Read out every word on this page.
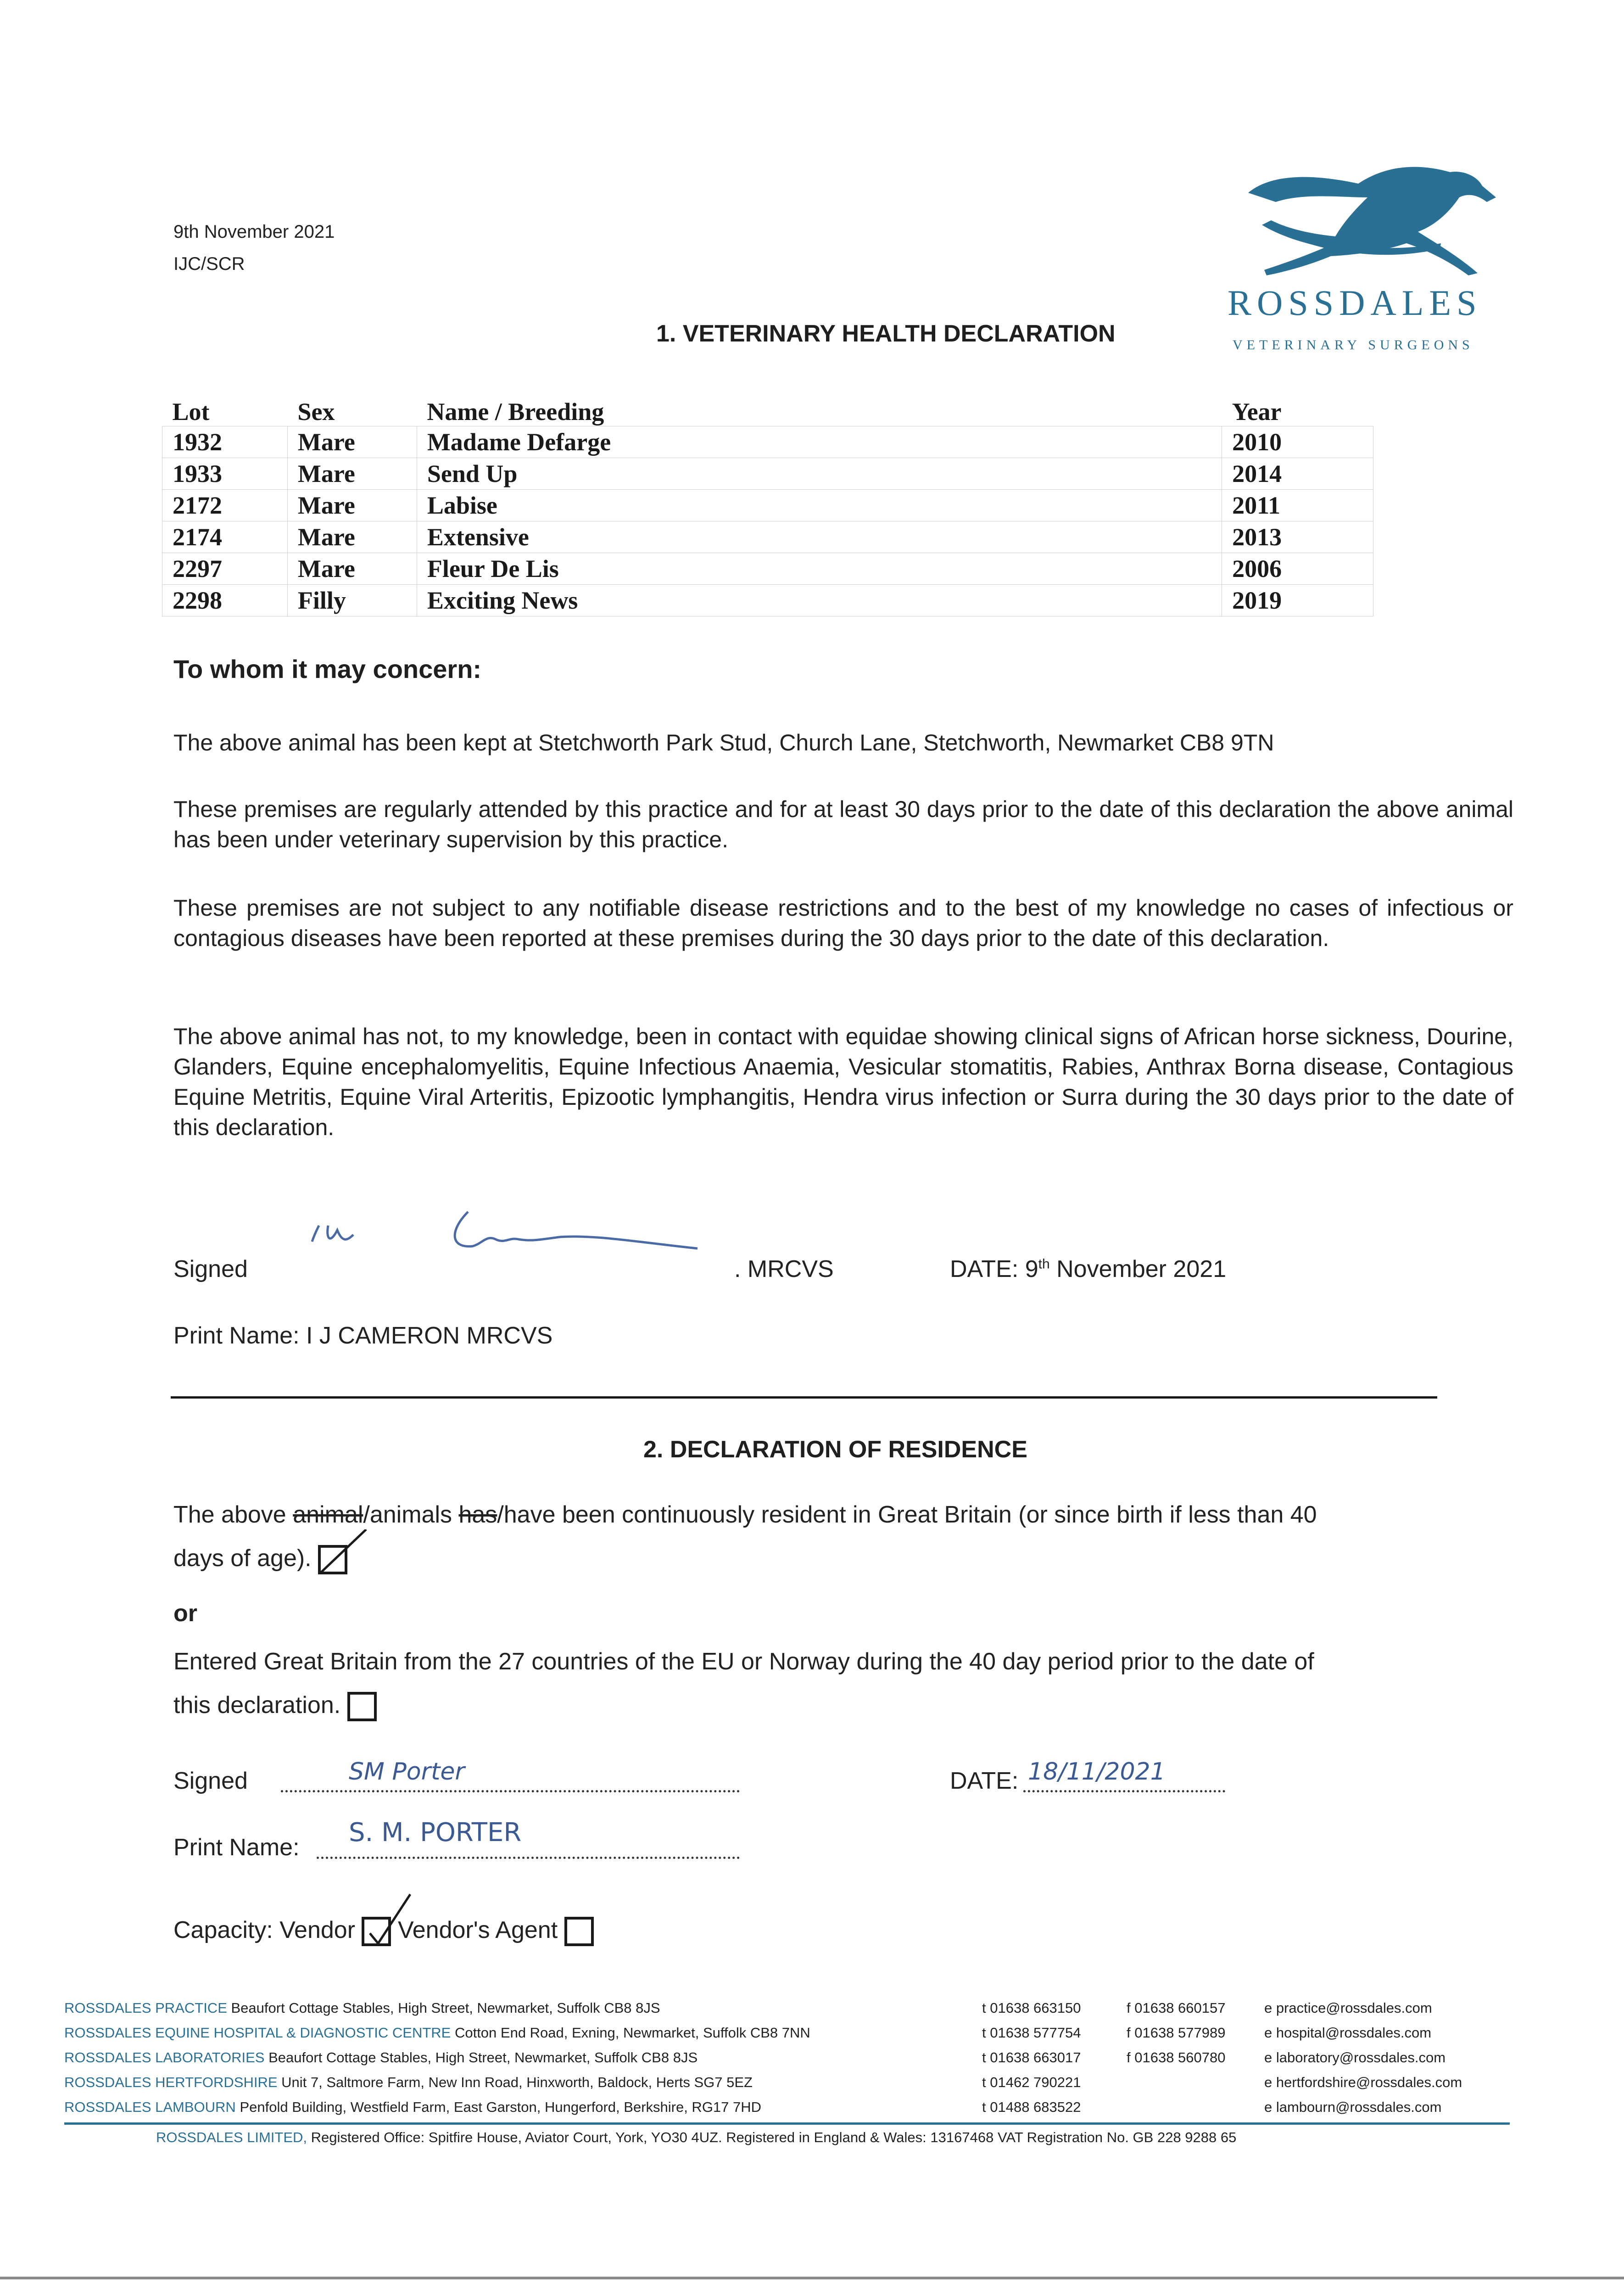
9th November 2021
IJC/SCR
ROSSDALES
VETERINARY SURGEONS
1. VETERINARY HEALTH DECLARATION
Lot	Sex	Name / Breeding	Year
1932	Mare	Madame Defarge	2010
1933	Mare	Send Up	2014
2172	Mare	Labise	2011
2174	Mare	Extensive	2013
2297	Mare	Fleur De Lis	2006
2298	Filly	Exciting News	2019
To whom it may concern:
The above animal has been kept at Stetchworth Park Stud, Church Lane, Stetchworth, Newmarket CB8 9TN
These premises are regularly attended by this practice and for at least 30 days prior to the date of this declaration the above animal has been under veterinary supervision by this practice.
These premises are not subject to any notifiable disease restrictions and to the best of my knowledge no cases of infectious or contagious diseases have been reported at these premises during the 30 days prior to the date of this declaration.
The above animal has not, to my knowledge, been in contact with equidae showing clinical signs of African horse sickness, Dourine, Glanders, Equine encephalomyelitis, Equine Infectious Anaemia, Vesicular stomatitis, Rabies, Anthrax Borna disease, Contagious Equine Metritis, Equine Viral Arteritis, Epizootic lymphangitis, Hendra virus infection or Surra during the 30 days prior to the date of this declaration.
Signed	. MRCVS	DATE: 9th November 2021
Print Name: I J CAMERON MRCVS
2. DECLARATION OF RESIDENCE
The above animal/animals has/have been continuously resident in Great Britain (or since birth if less than 40
days of age).
or
Entered Great Britain from the 27 countries of the EU or Norway during the 40 day period prior to the date of
this declaration.
Signed	SM Porter	DATE: 18/11/2021
Print Name: S. M. PORTER
Capacity: Vendor Vendor's Agent
ROSSDALES PRACTICE Beaufort Cottage Stables, High Street, Newmarket, Suffolk CB8 8JS	t 01638 663150	f 01638 660157	e practice@rossdales.com
ROSSDALES EQUINE HOSPITAL & DIAGNOSTIC CENTRE Cotton End Road, Exning, Newmarket, Suffolk CB8 7NN	t 01638 577754	f 01638 577989	e hospital@rossdales.com
ROSSDALES LABORATORIES Beaufort Cottage Stables, High Street, Newmarket, Suffolk CB8 8JS	t 01638 663017	f 01638 560780	e laboratory@rossdales.com
ROSSDALES HERTFORDSHIRE Unit 7, Saltmore Farm, New Inn Road, Hinxworth, Baldock, Herts SG7 5EZ	t 01462 790221	e hertfordshire@rossdales.com
ROSSDALES LAMBOURN Penfold Building, Westfield Farm, East Garston, Hungerford, Berkshire, RG17 7HD	t 01488 683522	e lambourn@rossdales.com
ROSSDALES LIMITED, Registered Office: Spitfire House, Aviator Court, York, YO30 4UZ. Registered in England & Wales: 13167468 VAT Registration No. GB 228 9288 65
